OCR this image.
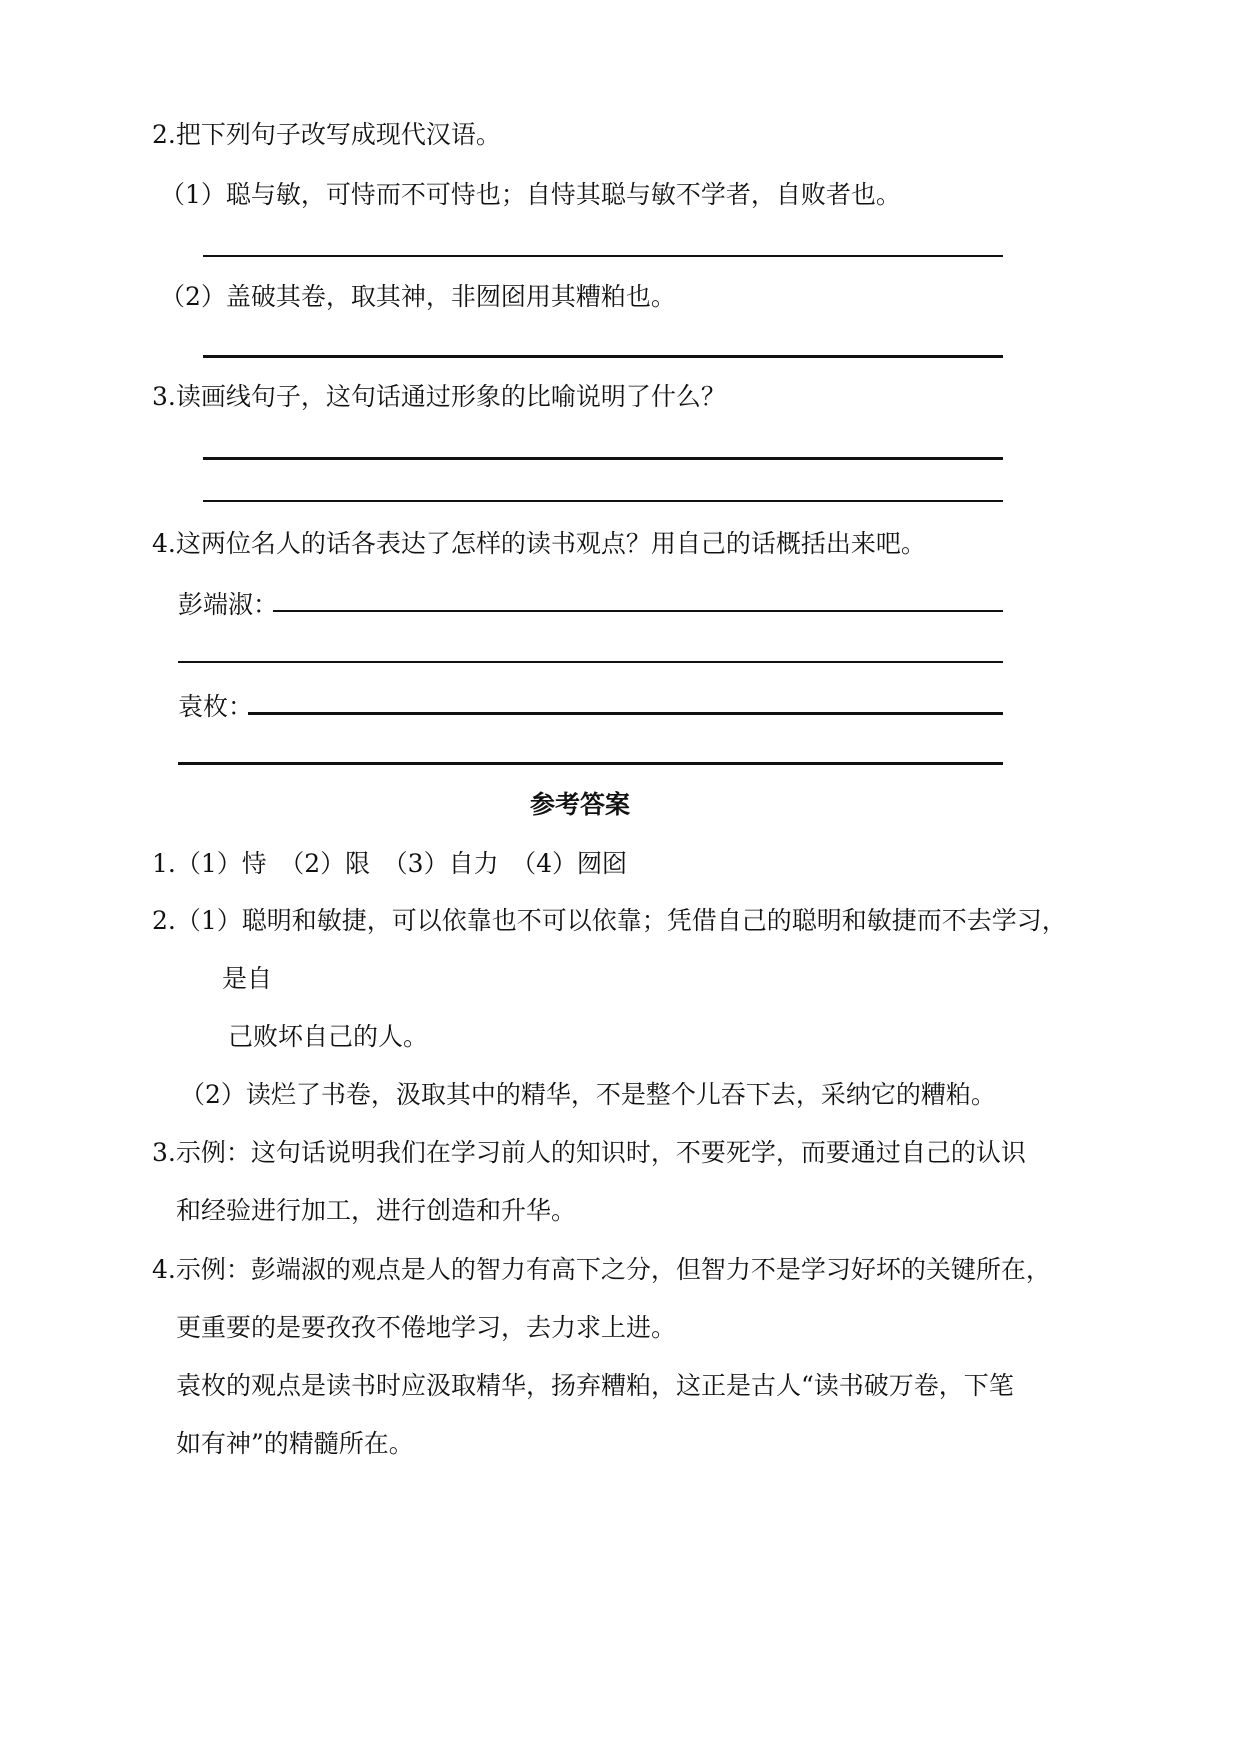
2.把下列句子改写成现代汉语。
（1）聪与敏，可恃而不可恃也；自恃其聪与敏不学者，自败者也。
（2）盖破其卷，取其神，非囫囵用其糟粕也。
3.读画线句子，这句话通过形象的比喻说明了什么？
4.这两位名人的话各表达了怎样的读书观点？用自己的话概括出来吧。
彭端淑：
袁枚：
参考答案
1.（1）恃　（2）限　（3）自力　（4）囫囵
2.（1）聪明和敏捷，可以依靠也不可以依靠；凭借自己的聪明和敏捷而不去学习，
是自
己败坏自己的人。
（2）读烂了书卷，汲取其中的精华，不是整个儿吞下去，采纳它的糟粕。
3.示例：这句话说明我们在学习前人的知识时，不要死学，而要通过自己的认识
和经验进行加工，进行创造和升华。
4.示例：彭端淑的观点是人的智力有高下之分，但智力不是学习好坏的关键所在，
更重要的是要孜孜不倦地学习，去力求上进。
袁枚的观点是读书时应汲取精华，扬弃糟粕，这正是古人“读书破万卷，下笔
如有神”的精髓所在。
